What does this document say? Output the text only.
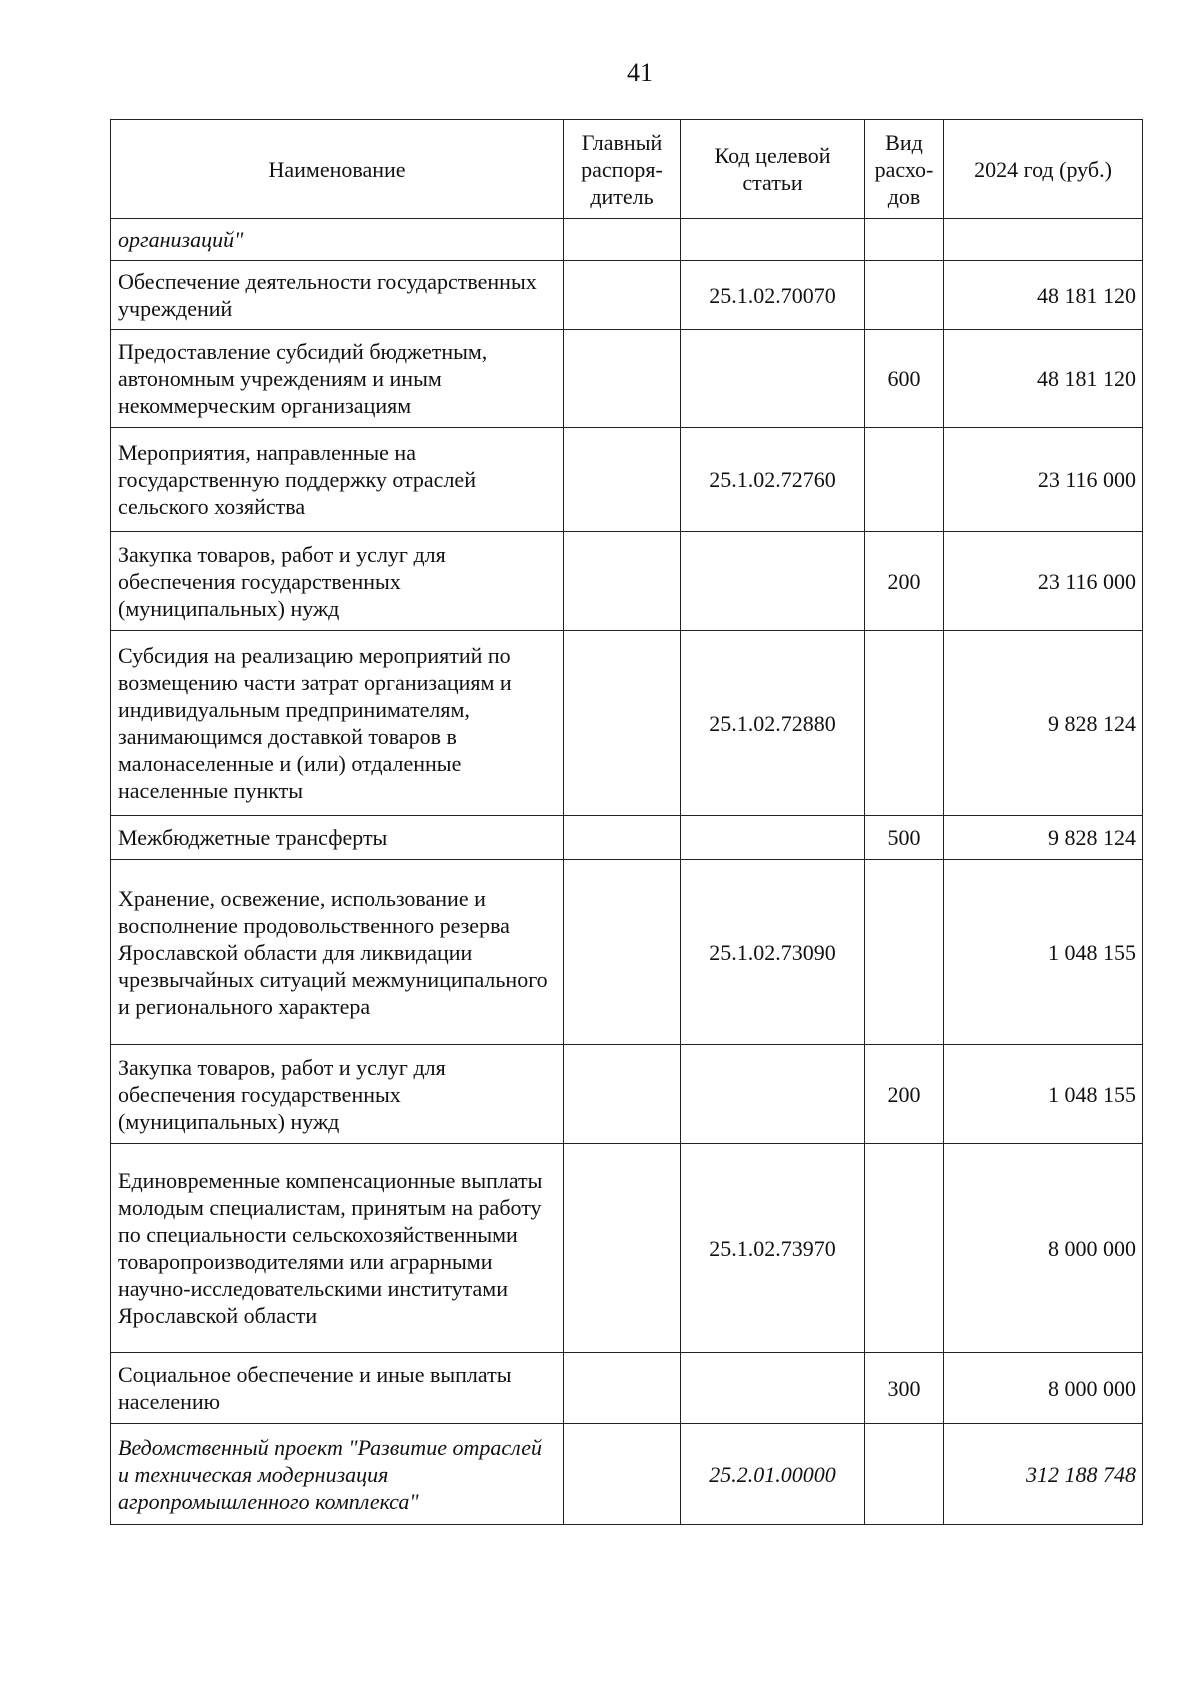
41
Наименование	Главный распоря-дитель	Код целевой статьи	Вид расхо-дов	2024 год (руб.)
организаций"				
Обеспечение деятельности государственных учреждений		25.1.02.70070		48 181 120
Предоставление субсидий бюджетным, автономным учреждениям и иным некоммерческим организациям			600	48 181 120
Мероприятия, направленные на государственную поддержку отраслей сельского хозяйства		25.1.02.72760		23 116 000
Закупка товаров, работ и услуг для обеспечения государственных (муниципальных) нужд			200	23 116 000
Субсидия на реализацию мероприятий по возмещению части затрат организациям и индивидуальным предпринимателям, занимающимся доставкой товаров в малонаселенные и (или) отдаленные населенные пункты		25.1.02.72880		9 828 124
Межбюджетные трансферты			500	9 828 124
Хранение, освежение, использование и восполнение продовольственного резерва Ярославской области для ликвидации чрезвычайных ситуаций межмуниципального и регионального характера		25.1.02.73090		1 048 155
Закупка товаров, работ и услуг для обеспечения государственных (муниципальных) нужд			200	1 048 155
Единовременные компенсационные выплаты молодым специалистам, принятым на работу по специальности сельскохозяйственными товаропроизводителями или аграрными научно-исследовательскими институтами Ярославской области		25.1.02.73970		8 000 000
Социальное обеспечение и иные выплаты населению			300	8 000 000
Ведомственный проект "Развитие отраслей и техническая модернизация агропромышленного комплекса"		25.2.01.00000		312 188 748
